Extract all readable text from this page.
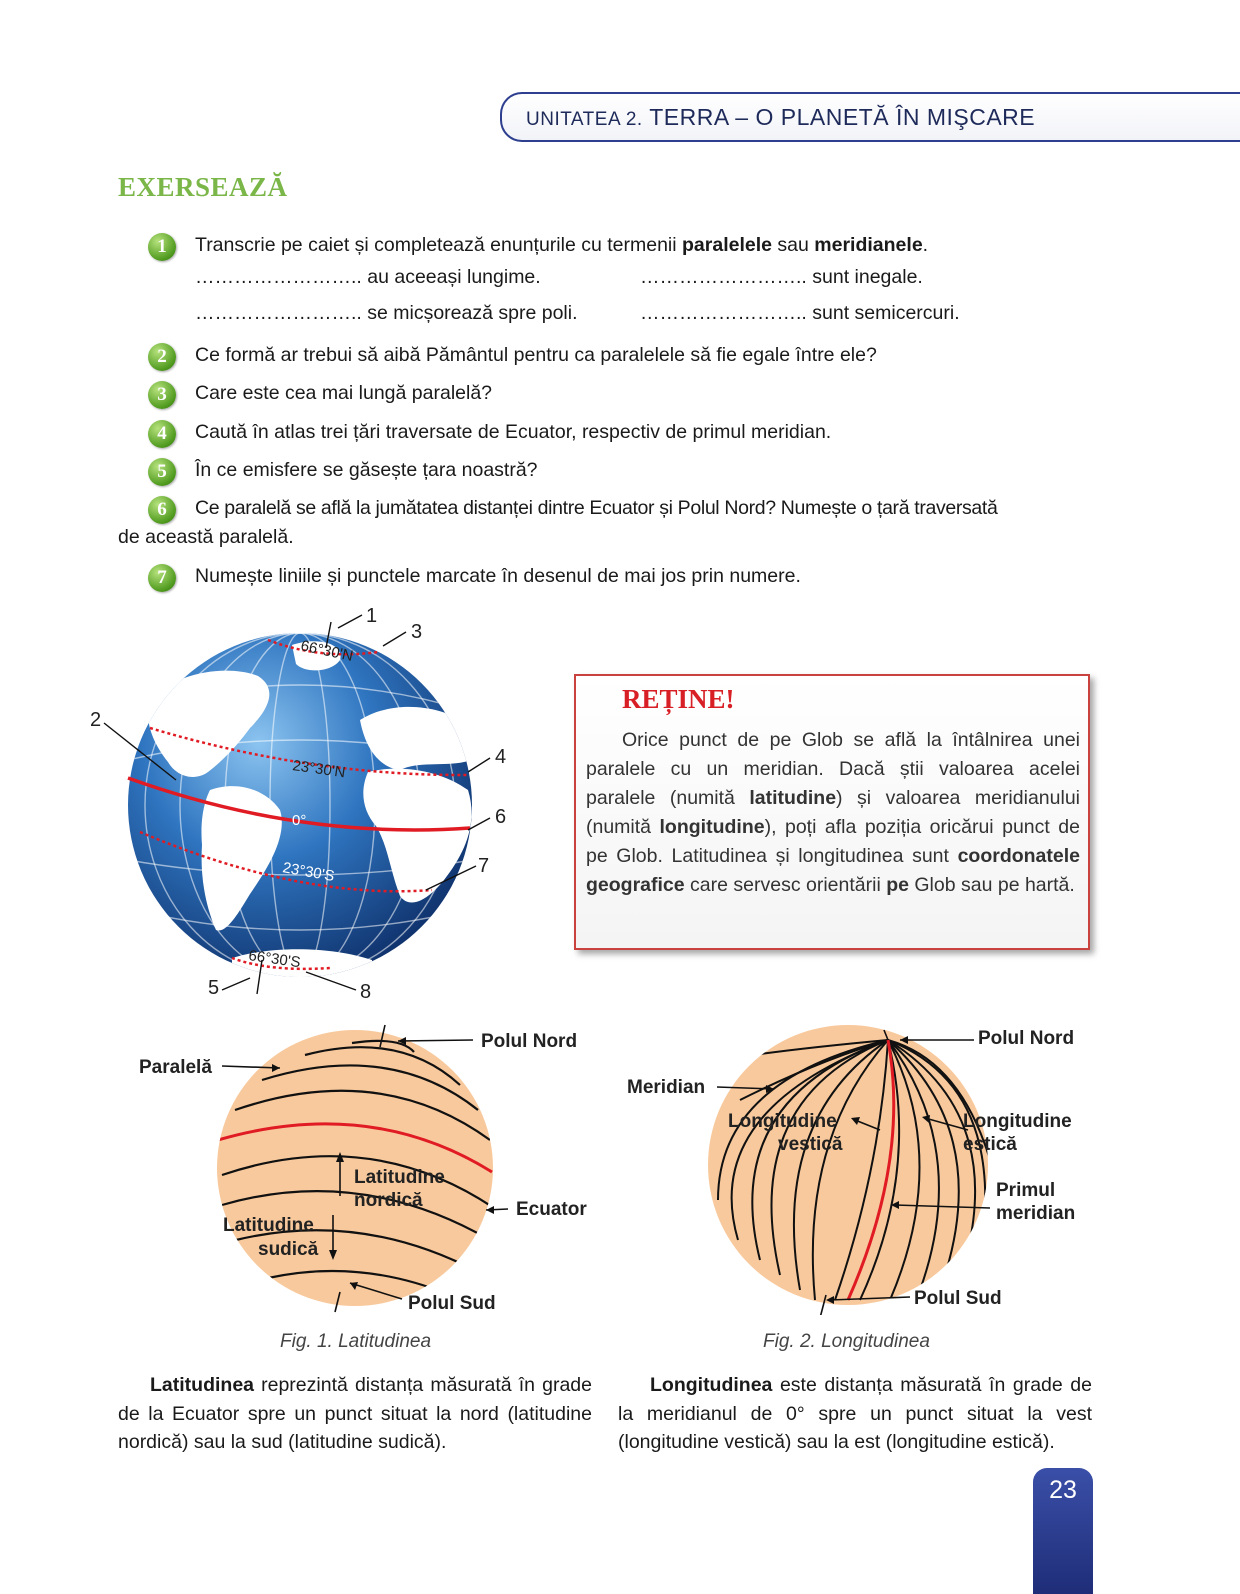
UNITATEA 2. TERRA – O PLANETĂ ÎN MIŞCARE
EXERSEAZĂ
1	Transcrie pe caiet și completează enunțurile cu termenii paralelele sau meridianele.
…………………….. au aceeași lungime.	…………………….. sunt inegale.
…………………….. se micșorează spre poli.	…………………….. sunt semicercuri.
2	Ce formă ar trebui să aibă Pământul pentru ca paralelele să fie egale între ele?
3	Care este cea mai lungă paralelă?
4	Caută în atlas trei țări traversate de Ecuator, respectiv de primul meridian.
5	În ce emisfere se găsește țara noastră?
6	Ce paralelă se află la jumătatea distanței dintre Ecuator și Polul Nord? Numește o țară traversată
de această paralelă.
7	Numește liniile și punctele marcate în desenul de mai jos prin numere.
66°30'N
23°30'N
0°
23°30'S
66°30'S
1
2
3
4
5
6
7
8
REȚINE!
Orice punct de pe Glob se află la întâlnirea unei paralele cu un meridian. Dacă știi valoarea acelei paralele (numită latitudine) și valoarea meridianului (numită longitudine), poți afla poziția oricărui punct de pe Glob. Latitudinea și longitudinea sunt coordonatele geografice care servesc orientării pe Glob sau pe hartă.
Paralelă
Polul Nord
Latitudine
nordică
Latitudine
sudică
Ecuator
Polul Sud
Fig. 1. Latitudinea
Polul Nord
Meridian
Longitudine
vestică
Longitudine
estică
Primul
meridian
Polul Sud
Fig. 2. Longitudinea
Latitudinea reprezintă distanța măsurată în grade de la Ecuator spre un punct situat la nord (latitudine nordică) sau la sud (latitudine sudică).
Longitudinea este distanța măsurată în grade de la meridianul de 0° spre un punct situat la vest (longitudine vestică) sau la est (longitudine estică).
23
